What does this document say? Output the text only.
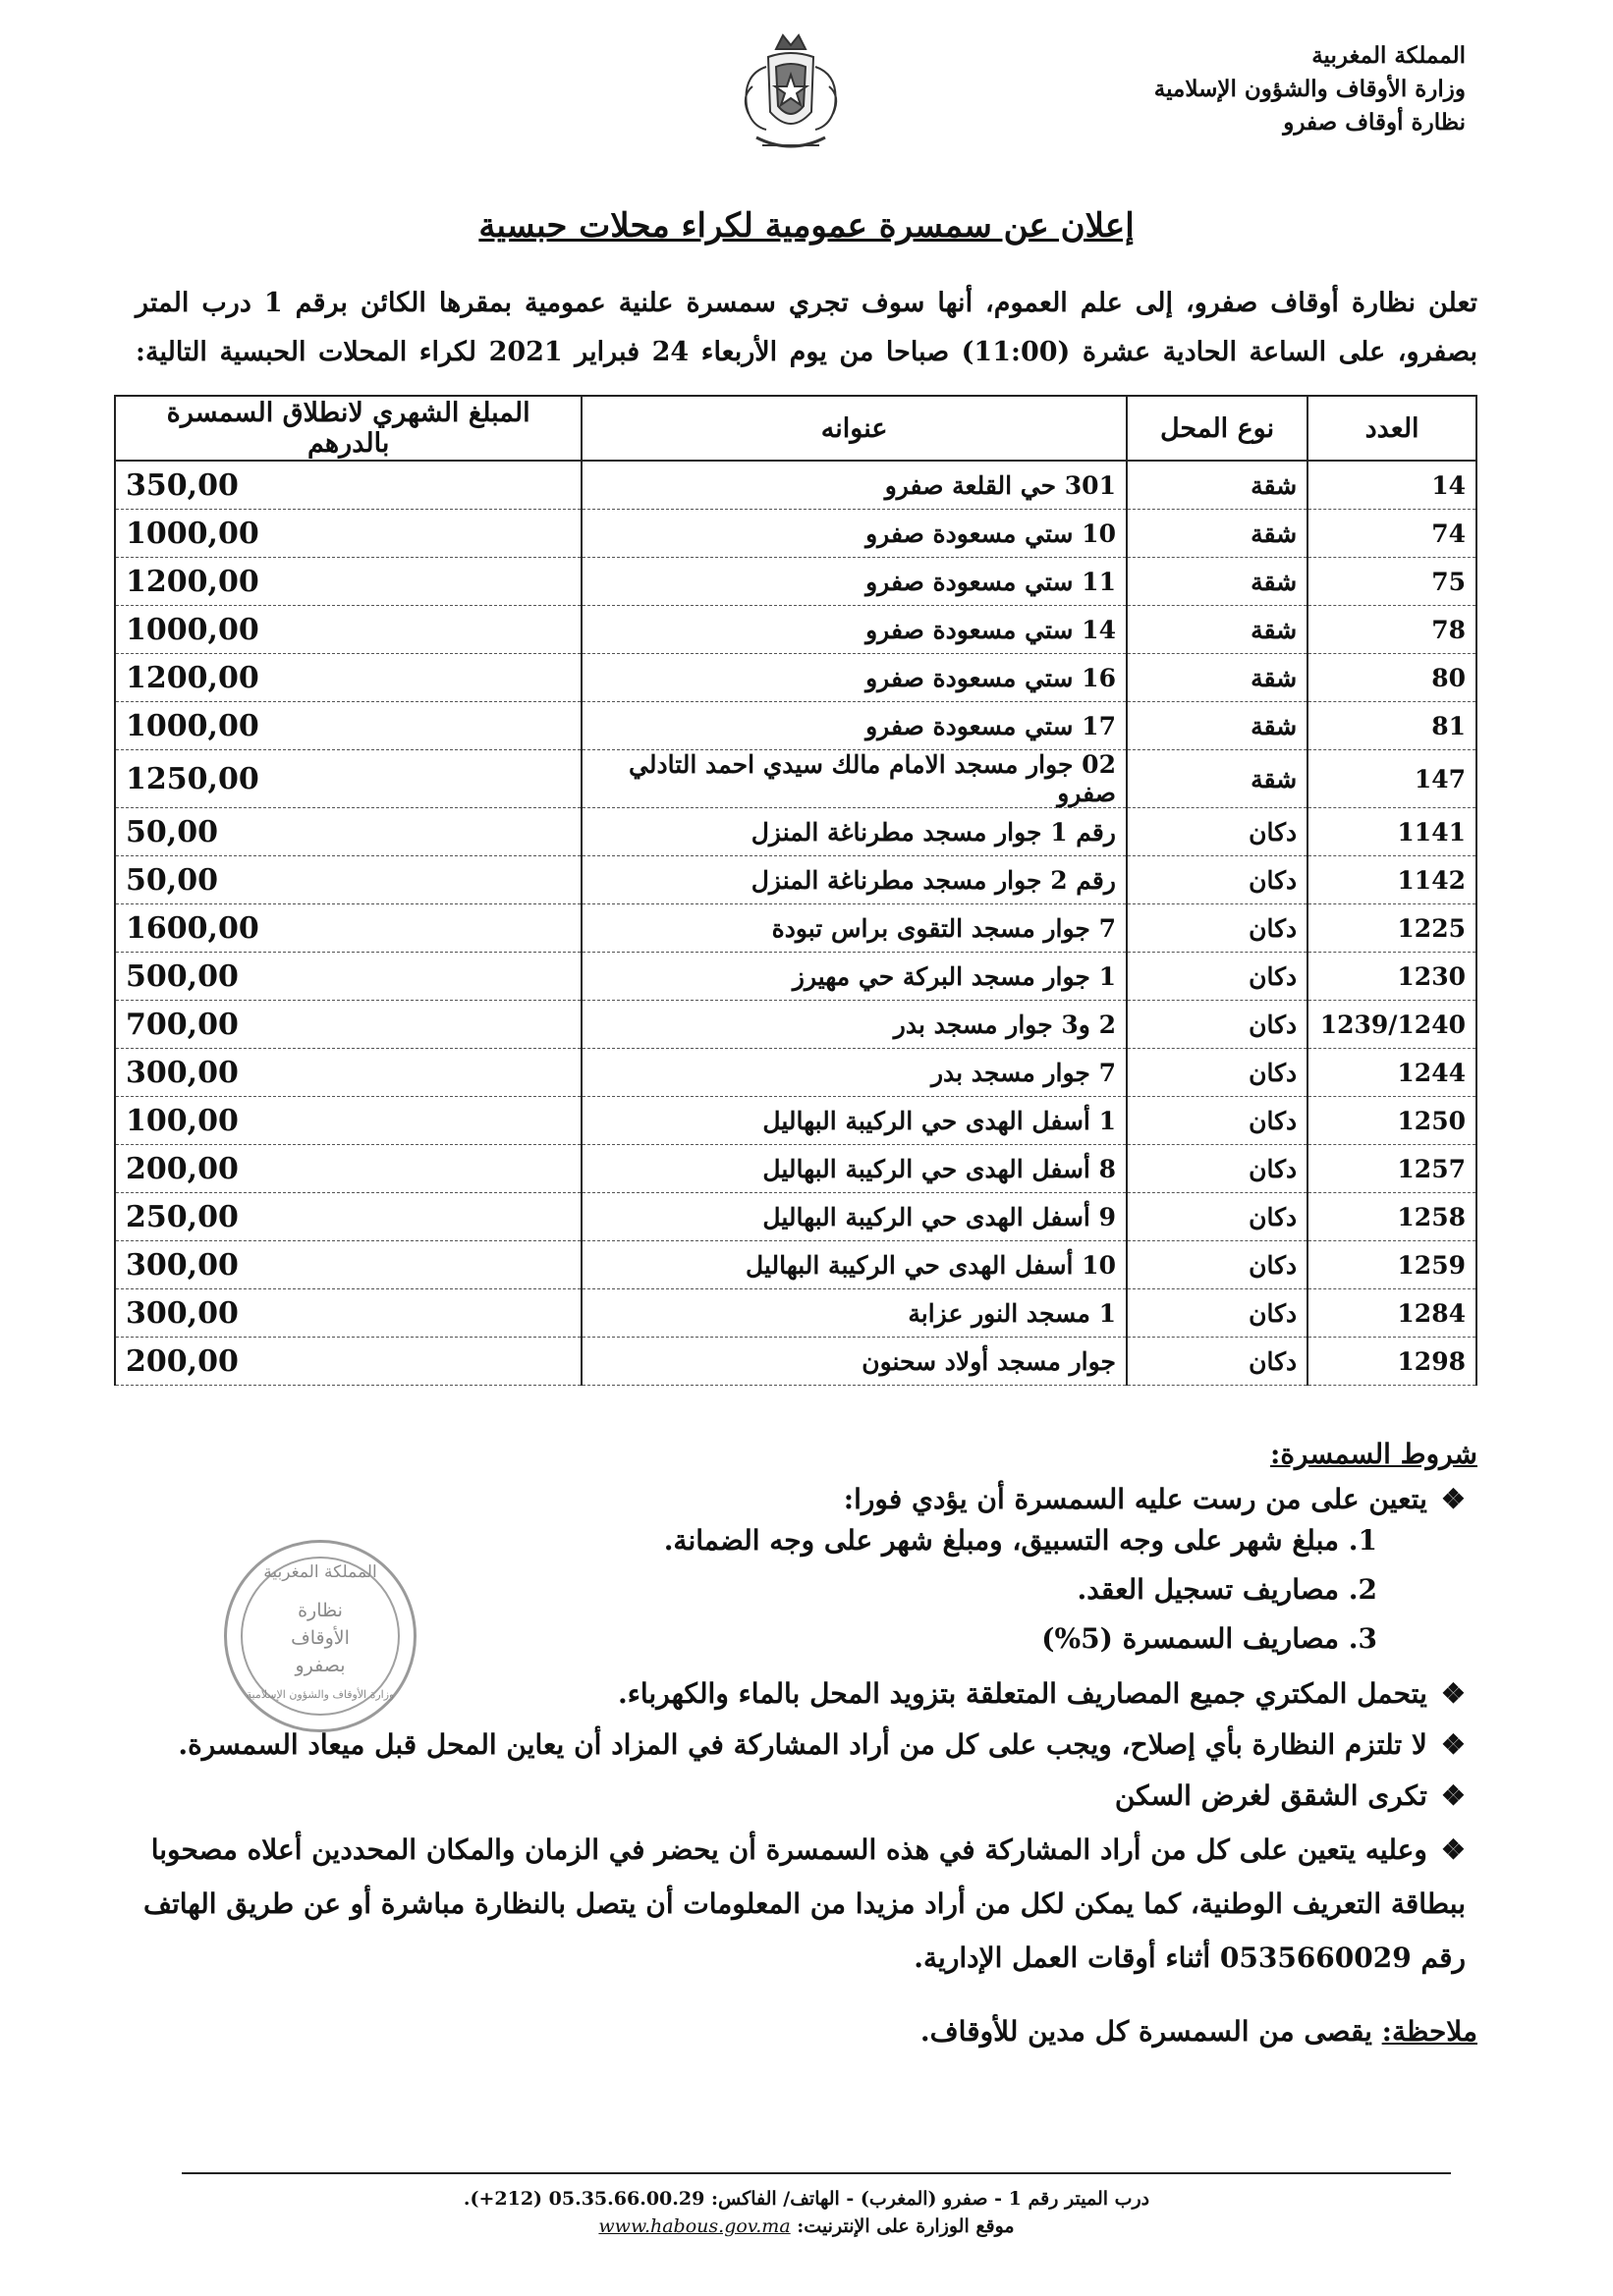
المملكة المغربية
وزارة الأوقاف والشؤون الإسلامية
نظارة أوقاف صفرو
إعلان عن سمسرة عمومية لكراء محلات حبسية
تعلن نظارة أوقاف صفرو، إلى علم العموم، أنها سوف تجري سمسرة علنية عمومية بمقرها الكائن برقم 1 درب المتر بصفرو، على الساعة الحادية عشرة (11:00) صباحا من يوم الأربعاء 24 فبراير 2021 لكراء المحلات الحبسية التالية:
العدد	نوع المحل	عنوانه	المبلغ الشهري لانطلاق السمسرة بالدرهم
14	شقة	301 حي القلعة صفرو	350,00
74	شقة	10 ستي مسعودة صفرو	1000,00
75	شقة	11 ستي مسعودة صفرو	1200,00
78	شقة	14 ستي مسعودة صفرو	1000,00
80	شقة	16 ستي مسعودة صفرو	1200,00
81	شقة	17 ستي مسعودة صفرو	1000,00
147	شقة	02 جوار مسجد الامام مالك سيدي احمد التادلي صفرو	1250,00
1141	دكان	رقم 1 جوار مسجد مطرناغة المنزل	50,00
1142	دكان	رقم 2 جوار مسجد مطرناغة المنزل	50,00
1225	دكان	7 جوار مسجد التقوى براس تبودة	1600,00
1230	دكان	1 جوار مسجد البركة حي مهيرز	500,00
1239/1240	دكان	2 و3 جوار مسجد بدر	700,00
1244	دكان	7 جوار مسجد بدر	300,00
1250	دكان	1 أسفل الهدى حي الركيبة البهاليل	100,00
1257	دكان	8 أسفل الهدى حي الركيبة البهاليل	200,00
1258	دكان	9 أسفل الهدى حي الركيبة البهاليل	250,00
1259	دكان	10 أسفل الهدى حي الركيبة البهاليل	300,00
1284	دكان	1 مسجد النور عزابة	300,00
1298	دكان	جوار مسجد أولاد سحنون	200,00
شروط السمسرة:
❖ يتعين على من رست عليه السمسرة أن يؤدي فورا:
1. مبلغ شهر على وجه التسبيق، ومبلغ شهر على وجه الضمانة.
2. مصاريف تسجيل العقد.
3. مصاريف السمسرة (5%)
❖ يتحمل المكتري جميع المصاريف المتعلقة بتزويد المحل بالماء والكهرباء.
❖ لا تلتزم النظارة بأي إصلاح، ويجب على كل من أراد المشاركة في المزاد أن يعاين المحل قبل ميعاد السمسرة.
❖ تكرى الشقق لغرض السكن
❖ وعليه يتعين على كل من أراد المشاركة في هذه السمسرة أن يحضر في الزمان والمكان المحددين أعلاه مصحوبا ببطاقة التعريف الوطنية، كما يمكن لكل من أراد مزيدا من المعلومات أن يتصل بالنظارة مباشرة أو عن طريق الهاتف رقم 0535660029 أثناء أوقات العمل الإدارية.
المملكة المغربية
نظارة
الأوقاف
بصفرو
وزارة الأوقاف والشؤون الإسلامية
ملاحظة: يقصى من السمسرة كل مدين للأوقاف.
درب الميتر رقم 1 - صفرو (المغرب) - الهاتف/ الفاكس: 05.35.66.00.29 (212+).
موقع الوزارة على الإنترنيت: www.habous.gov.ma
